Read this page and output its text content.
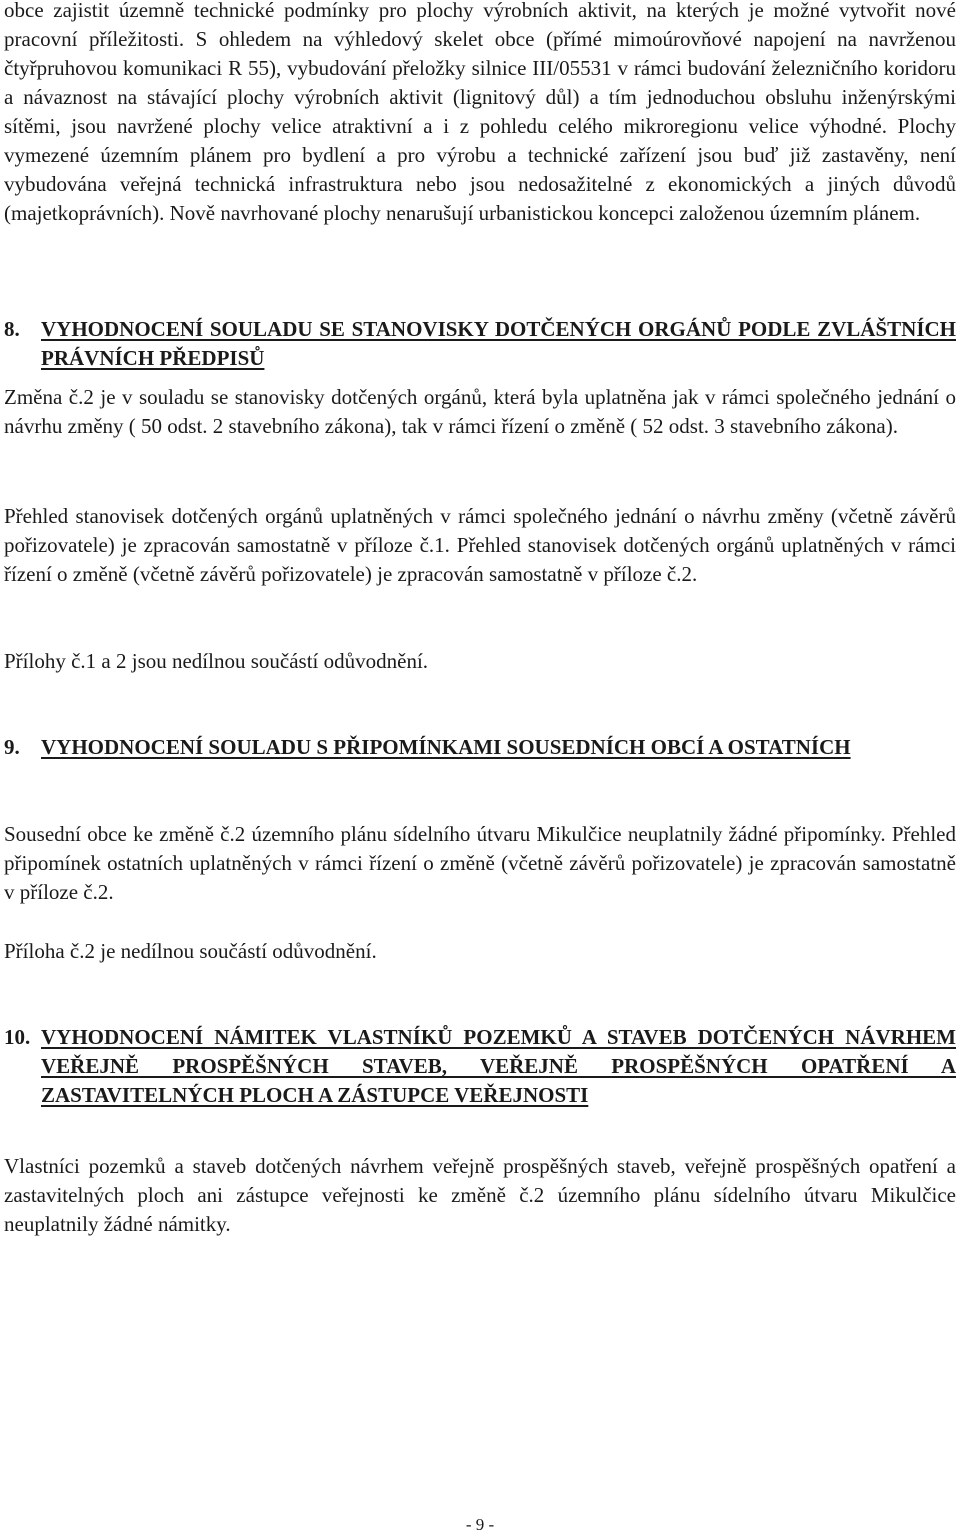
obce zajistit územně technické podmínky pro plochy výrobních aktivit, na kterých je možné vytvořit nové pracovní příležitosti. S ohledem na výhledový skelet obce (přímé mimoúrovňové napojení na navrženou čtyřpruhovou komunikaci R 55), vybudování přeložky silnice III/05531 v rámci budování železničního koridoru a návaznost na stávající plochy výrobních aktivit (lignitový důl) a tím jednoduchou obsluhu inženýrskými sítěmi, jsou navržené plochy velice atraktivní a i z pohledu celého mikroregionu velice výhodné. Plochy vymezené územním plánem pro bydlení a pro výrobu a technické zařízení jsou buď již zastavěny, není vybudována veřejná technická infrastruktura nebo jsou nedosažitelné z ekonomických a jiných důvodů (majetkoprávních). Nově navrhované plochy nenarušují urbanistickou koncepci založenou územním plánem.

8.	VYHODNOCENÍ SOULADU SE STANOVISKY DOTČENÝCH ORGÁNŮ PODLE ZVLÁŠTNÍCH PRÁVNÍCH PŘEDPISŮ

Změna č.2 je v souladu se stanovisky dotčených orgánů, která byla uplatněna jak v rámci společného jednání o návrhu změny ( 50 odst. 2 stavebního zákona), tak v rámci řízení o změně ( 52 odst. 3 stavebního zákona).

Přehled stanovisek dotčených orgánů uplatněných v rámci společného jednání o návrhu změny (včetně závěrů pořizovatele) je zpracován samostatně v příloze č.1. Přehled stanovisek dotčených orgánů uplatněných v rámci řízení o změně (včetně závěrů pořizovatele) je zpracován samostatně v příloze č.2.

Přílohy č.1 a 2 jsou nedílnou součástí odůvodnění.

9.	VYHODNOCENÍ SOULADU S PŘIPOMÍNKAMI SOUSEDNÍCH OBCÍ A OSTATNÍCH

Sousední obce ke změně č.2 územního plánu sídelního útvaru Mikulčice neuplatnily žádné připomínky. Přehled připomínek ostatních uplatněných v rámci řízení o změně (včetně závěrů pořizovatele) je zpracován samostatně v příloze č.2.

Příloha č.2 je nedílnou součástí odůvodnění.

10. VYHODNOCENÍ NÁMITEK VLASTNÍKŮ POZEMKŮ A STAVEB DOTČENÝCH NÁVRHEM VEŘEJNĚ PROSPĚŠNÝCH STAVEB, VEŘEJNĚ PROSPĚŠNÝCH OPATŘENÍ A ZASTAVITELNÝCH PLOCH A ZÁSTUPCE VEŘEJNOSTI

Vlastníci pozemků a staveb dotčených návrhem veřejně prospěšných staveb, veřejně prospěšných opatření a zastavitelných ploch ani zástupce veřejnosti ke změně č.2 územního plánu sídelního útvaru Mikulčice neuplatnily žádné námitky.

- 9 -
